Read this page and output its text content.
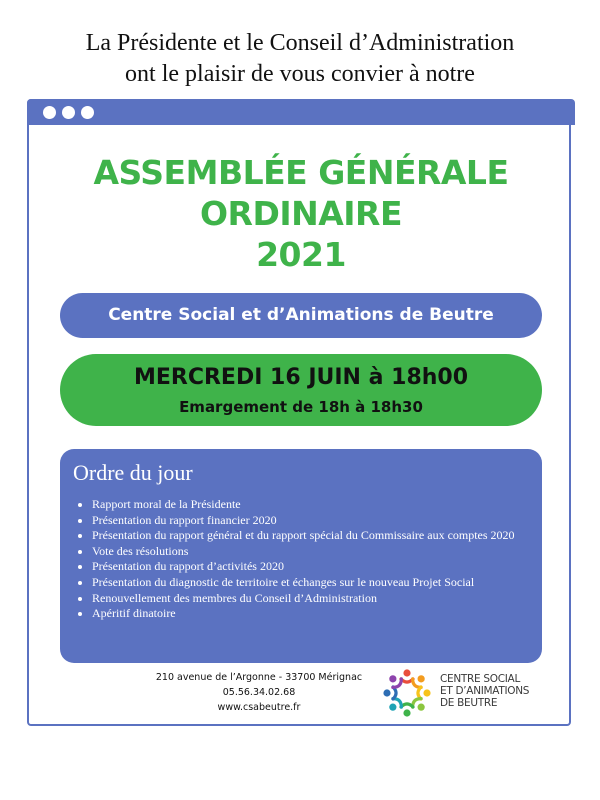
La Présidente et le Conseil d’Administration
ont le plaisir de vous convier à notre
ASSEMBLÉE GÉNÉRALE
ORDINAIRE
2021
Centre Social et d’Animations de Beutre
MERCREDI 16 JUIN à 18h00
Emargement de 18h à 18h30
Ordre du jour
• Rapport moral de la Présidente
• Présentation du rapport financier 2020
• Présentation du rapport général et du rapport spécial du Commissaire aux comptes 2020
• Vote des résolutions
• Présentation du rapport d’activités 2020
• Présentation du diagnostic de territoire et échanges sur le nouveau Projet Social
• Renouvellement des membres du Conseil d’Administration
• Apéritif dinatoire
210 avenue de l’Argonne - 33700 Mérignac
05.56.34.02.68
www.csabeutre.fr
CENTRE SOCIAL
ET D’ANIMATIONS
DE BEUTRE
